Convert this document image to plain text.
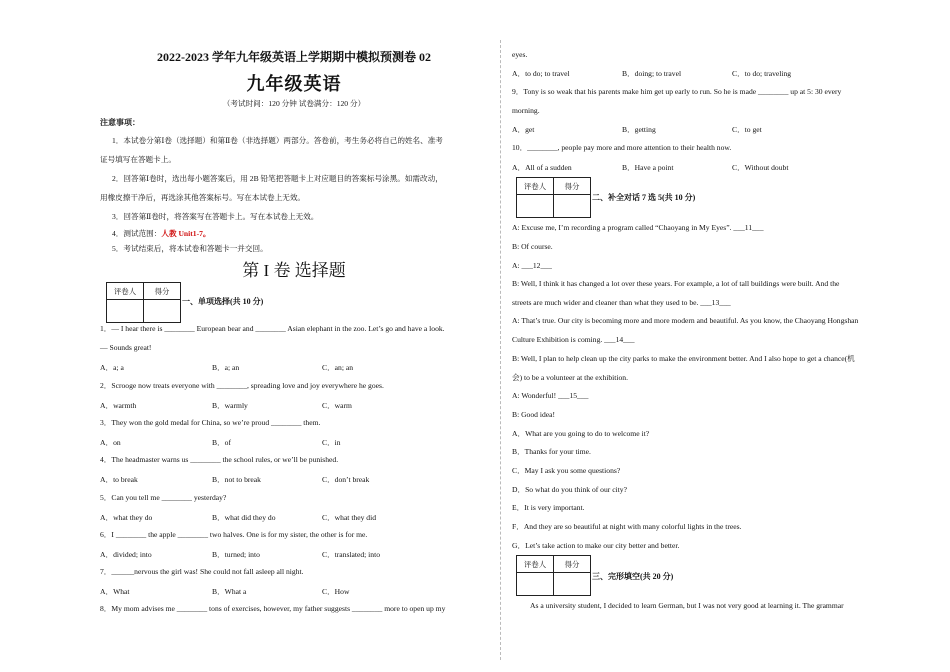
2022-2023 学年九年级英语上学期期中模拟预测卷 02
九年级英语
（考试时间：120 分钟 试卷满分：120 分）
注意事项：
1．本试卷分第Ⅰ卷（选择题）和第Ⅱ卷（非选择题）两部分。答卷前，考生务必将自己的姓名、准考
证号填写在答题卡上。
2．回答第Ⅰ卷时，选出每小题答案后，用 2B 铅笔把答题卡上对应题目的答案标号涂黑。如需改动，
用橡皮擦干净后，再选涂其他答案标号。写在本试卷上无效。
3．回答第Ⅱ卷时，将答案写在答题卡上。写在本试卷上无效。
4．测试范围：人教 Unit1-7。
5．考试结束后，将本试卷和答题卡一并交回。
第 I 卷 选择题
评卷人	得分

一、单项选择(共 10 分)
1．— I hear there is ________ European bear and ________ Asian elephant in the zoo. Let’s go and have a look.
— Sounds great!
A．a; a	B．a; an	C．an; an
2．Scrooge now treats everyone with ________, spreading love and joy everywhere he goes.
A．warmth	B．warmly	C．warm
3．They won the gold medal for China, so we’re proud ________ them.
A．on	B．of	C．in
4．The headmaster warns us ________ the school rules, or we’ll be punished.
A．to break	B．not to break	C．don’t break
5．Can you tell me ________ yesterday?
A．what they do	B．what did they do	C．what they did
6．I ________ the apple ________ two halves. One is for my sister, the other is for me.
A．divided; into	B．turned; into	C．translated; into
7．______nervous the girl was! She could not fall asleep all night.
A．What	B．What a	C．How
8．My mom advises me ________ tons of exercises, however, my father suggests ________ more to open up my
eyes.
A．to do; to travel	B．doing; to travel	C．to do; traveling
9．Tony is so weak that his parents make him get up early to run. So he is made ________ up at 5: 30 every
morning.
A．get	B．getting	C．to get
10．________, people pay more and more attention to their health now.
A．All of a sudden	B．Have a point	C．Without doubt
评卷人	得分

二、补全对话 7 选 5(共 10 分)
A: Excuse me, I’m recording a program called “Chaoyang in My Eyes”. ___11___
B: Of course.
A: ___12___
B: Well, I think it has changed a lot over these years. For example, a lot of tall buildings were built. And the
streets are much wider and cleaner than what they used to be. ___13___
A: That’s true. Our city is becoming more and more modern and beautiful. As you know, the Chaoyang Hongshan
Culture Exhibition is coming. ___14___
B: Well, I plan to help clean up the city parks to make the environment better. And I also hope to get a chance(机
会) to be a volunteer at the exhibition.
A: Wonderful! ___15___
B: Good idea!
A．What are you going to do to welcome it?
B．Thanks for your time.
C．May I ask you some questions?
D．So what do you think of our city?
E．It is very important.
F．And they are so beautiful at night with many colorful lights in the trees.
G．Let’s take action to make our city better and better.
评卷人	得分

三、完形填空(共 20 分)
As a university student, I decided to learn German, but I was not very good at learning it. The grammar
